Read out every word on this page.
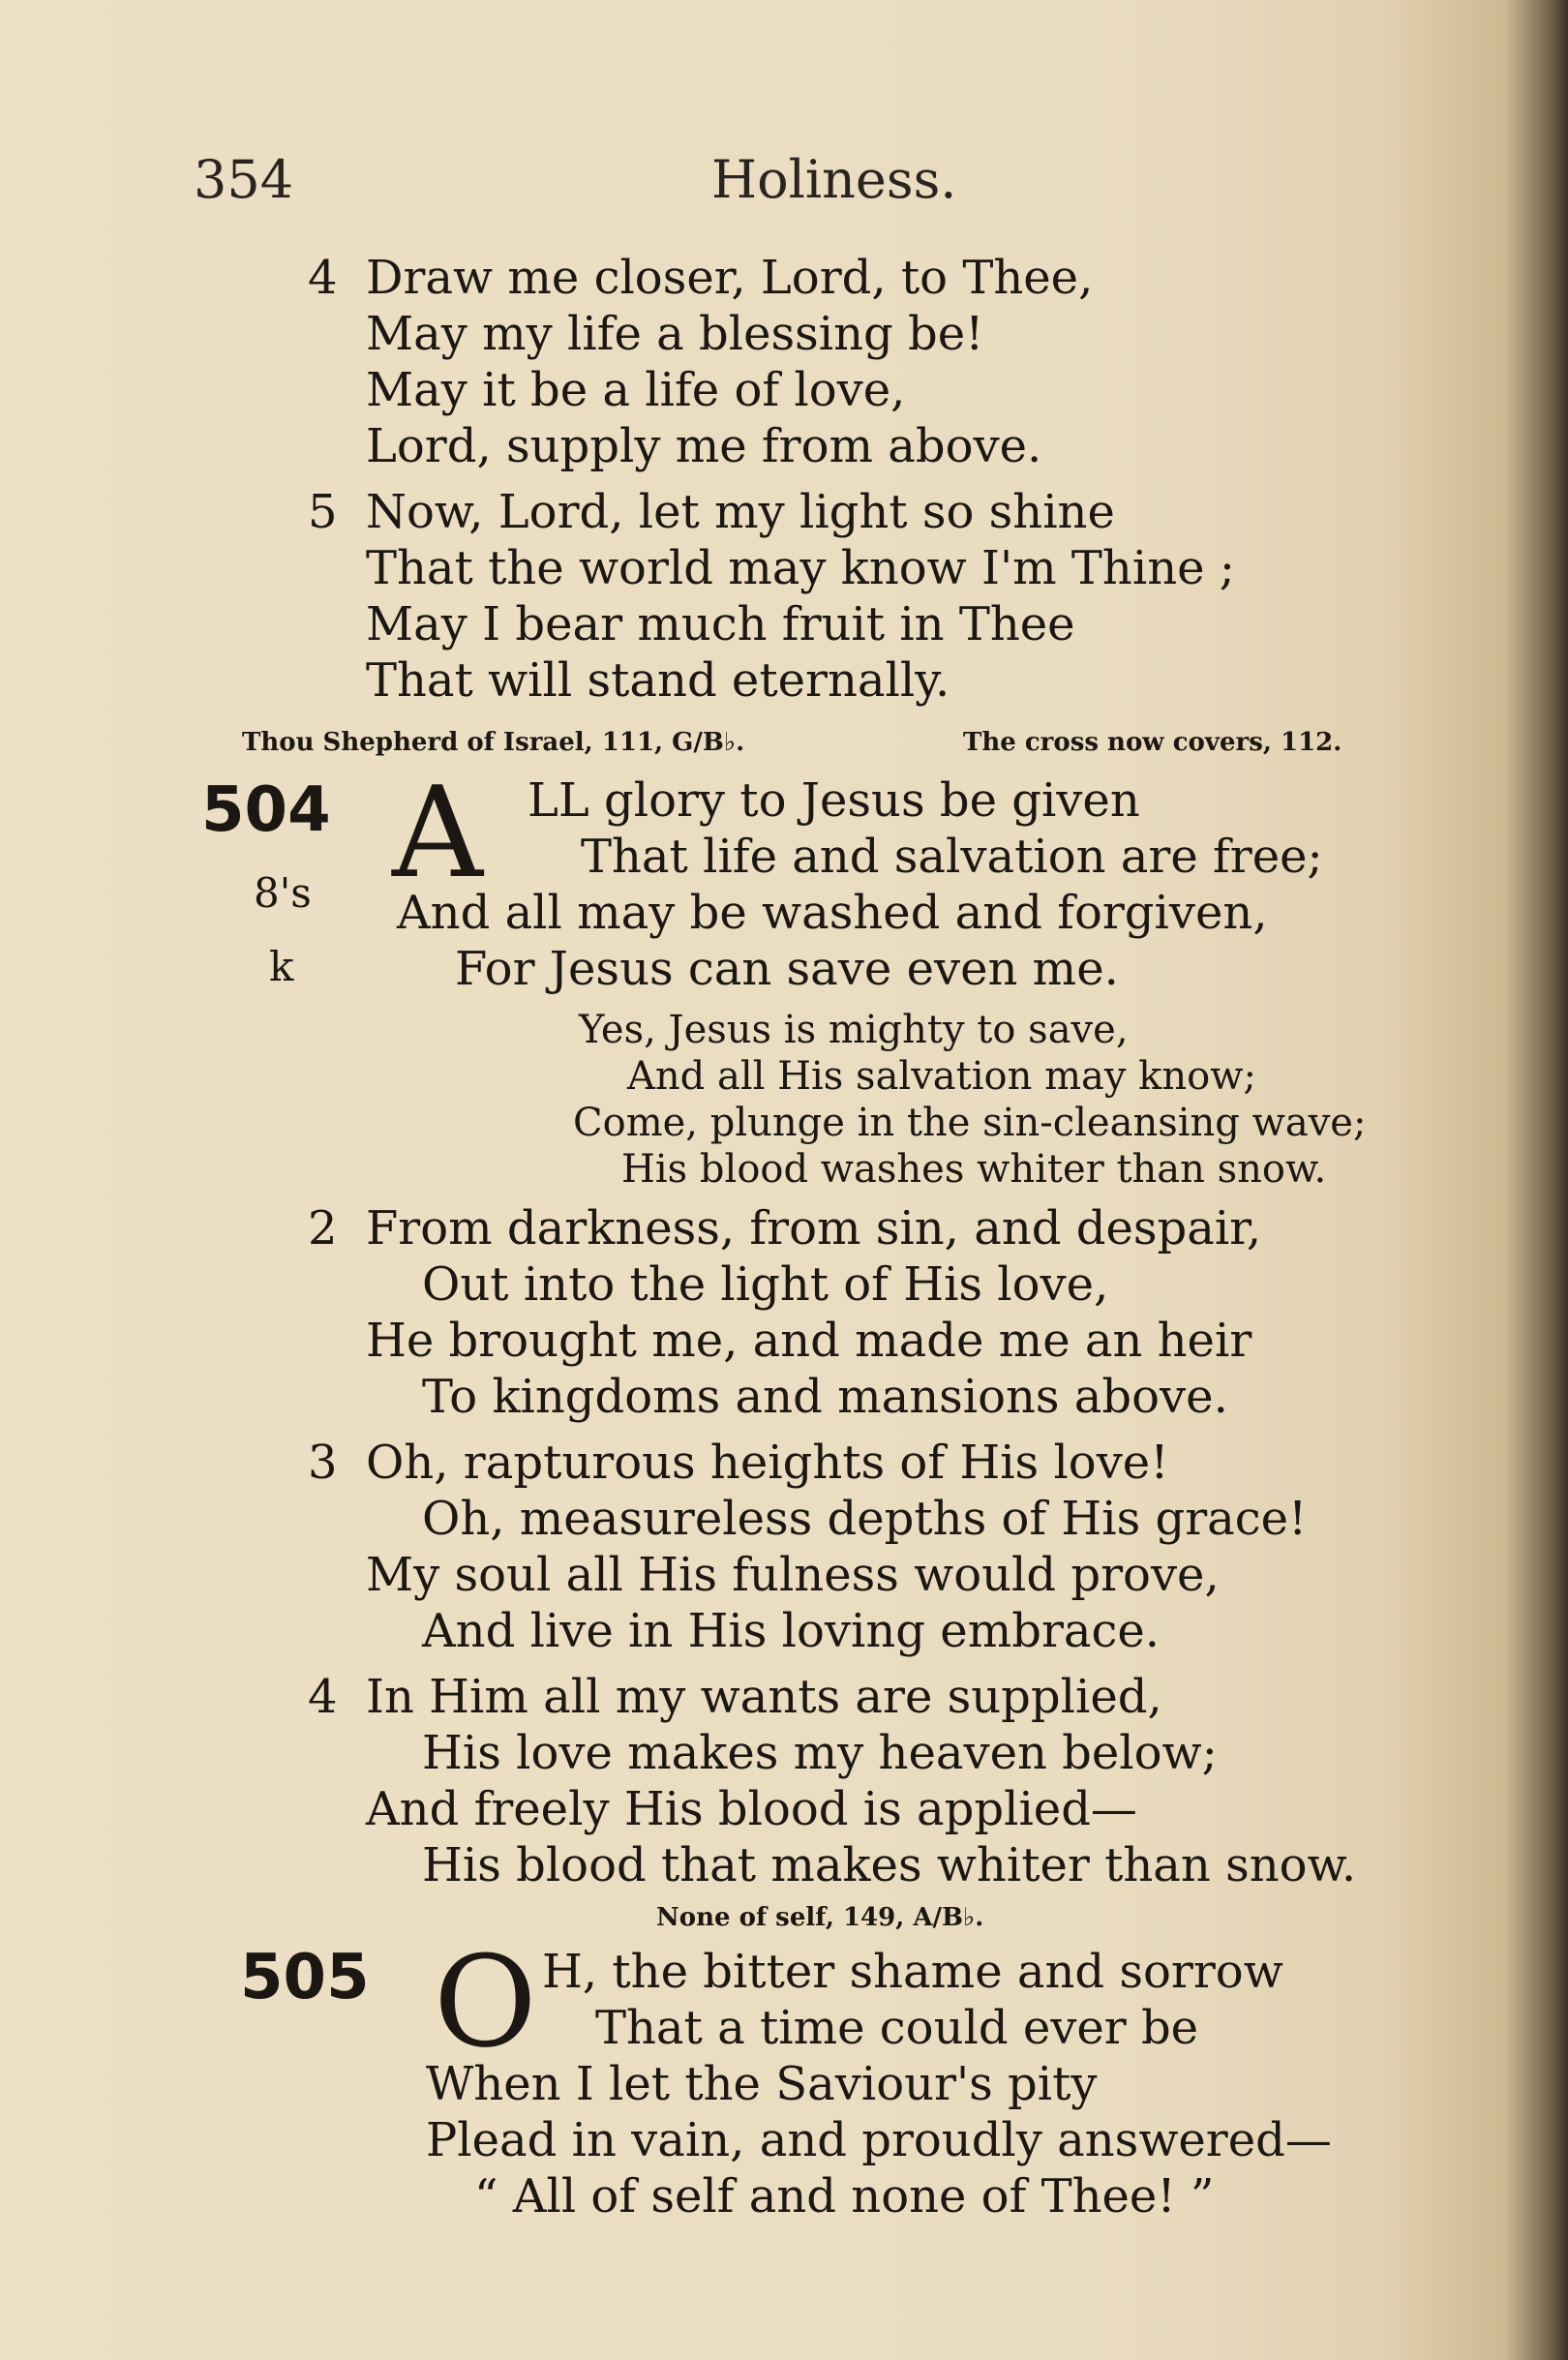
354	Holiness.
4 Draw me closer, Lord, to Thee,
May my life a blessing be!
May it be a life of love,
Lord, supply me from above.
5 Now, Lord, let my light so shine
That the world may know I'm Thine ;
May I bear much fruit in Thee
That will stand eternally.
Thou Shepherd of Israel, 111, G/B♭.	The cross now covers, 112.
504
8's
k
A LL glory to Jesus be given
That life and salvation are free;
And all may be washed and forgiven,
For Jesus can save even me.
Yes, Jesus is mighty to save,
And all His salvation may know;
Come, plunge in the sin-cleansing wave;
His blood washes whiter than snow.
2 From darkness, from sin, and despair,
Out into the light of His love,
He brought me, and made me an heir
To kingdoms and mansions above.
3 Oh, rapturous heights of His love!
Oh, measureless depths of His grace!
My soul all His fulness would prove,
And live in His loving embrace.
4 In Him all my wants are supplied,
His love makes my heaven below;
And freely His blood is applied—
His blood that makes whiter than snow.
None of self, 149, A/B♭.
505 O H, the bitter shame and sorrow
That a time could ever be
When I let the Saviour's pity
Plead in vain, and proudly answered—
“ All of self and none of Thee! ”
